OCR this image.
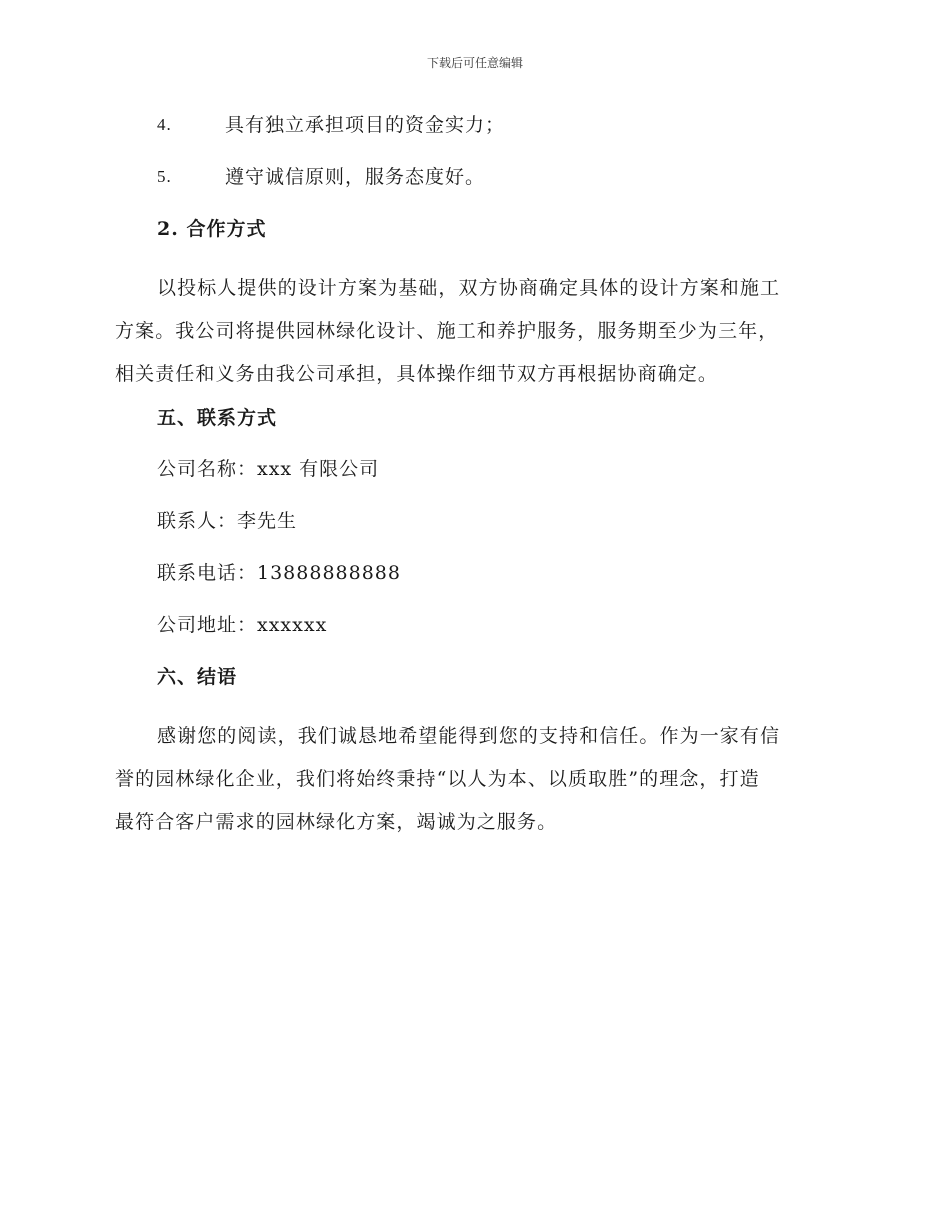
下载后可任意编辑
4.	具有独立承担项目的资金实力；
5.	遵守诚信原则，服务态度好。
2. 合作方式
以投标人提供的设计方案为基础，双方协商确定具体的设计方案和施工
方案。我公司将提供园林绿化设计、施工和养护服务，服务期至少为三年，
相关责任和义务由我公司承担，具体操作细节双方再根据协商确定。
五、联系方式
公司名称：xxx 有限公司
联系人：李先生
联系电话：13888888888
公司地址：xxxxxx
六、结语
感谢您的阅读，我们诚恳地希望能得到您的支持和信任。作为一家有信
誉的园林绿化企业，我们将始终秉持“以人为本、以质取胜”的理念，打造
最符合客户需求的园林绿化方案，竭诚为之服务。
